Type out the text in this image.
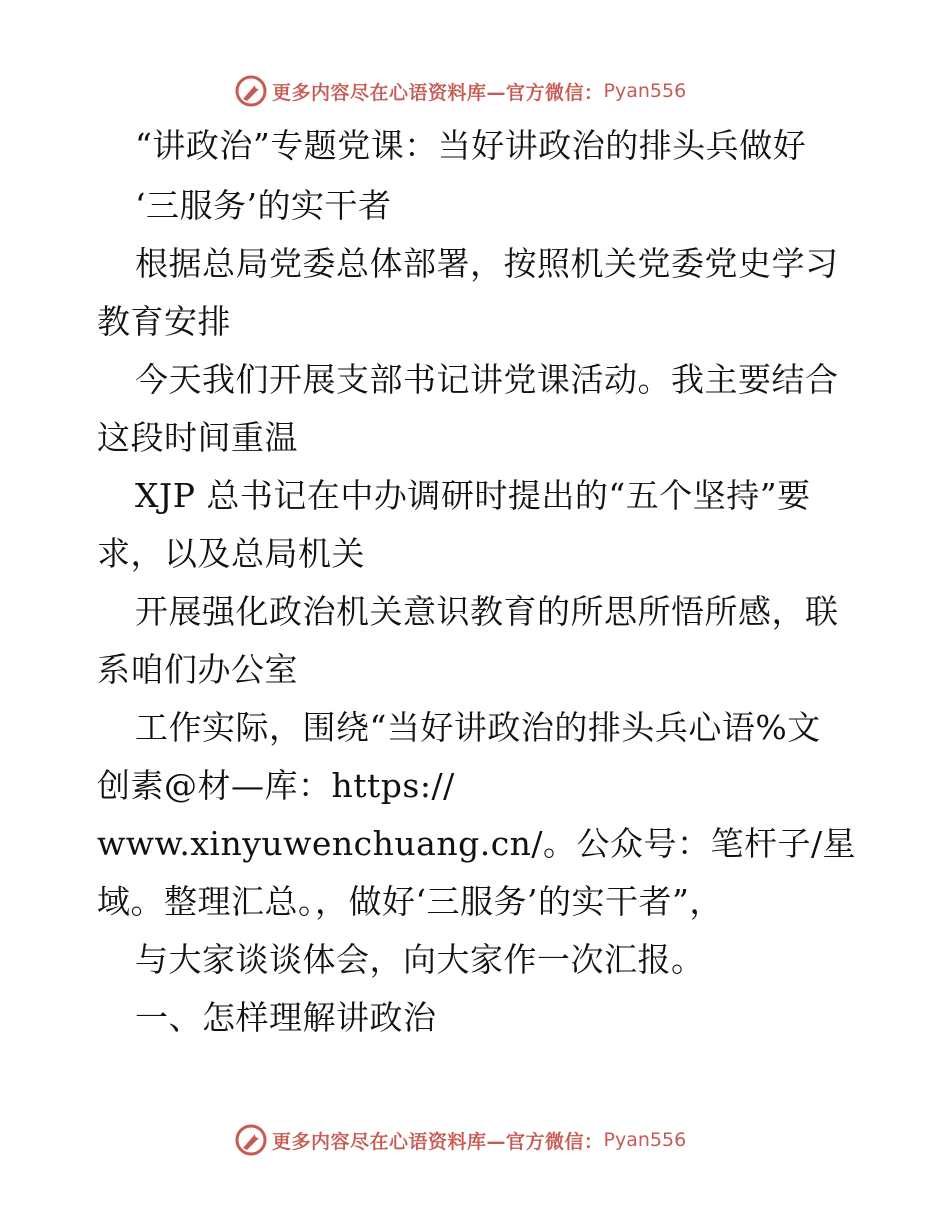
更多内容尽在心语资料库—官方微信： Pyan556
“讲政治”专题党课：当好讲政治的排头兵做好
‘三服务’的实干者
根据总局党委总体部署，按照机关党委党史学习
教育安排
今天我们开展支部书记讲党课活动。我主要结合
这段时间重温
XJP 总书记在中办调研时提出的“五个坚持”要
求，以及总局机关
开展强化政治机关意识教育的所思所悟所感，联
系咱们办公室
工作实际，围绕“当好讲政治的排头兵心语%文
创素@材—库：https://
www.xinyuwenchuang.cn/。公众号：笔杆子/星
域。整理汇总。，做好‘三服务’的实干者”，
与大家谈谈体会，向大家作一次汇报。
一、怎样理解讲政治
更多内容尽在心语资料库—官方微信： Pyan556
